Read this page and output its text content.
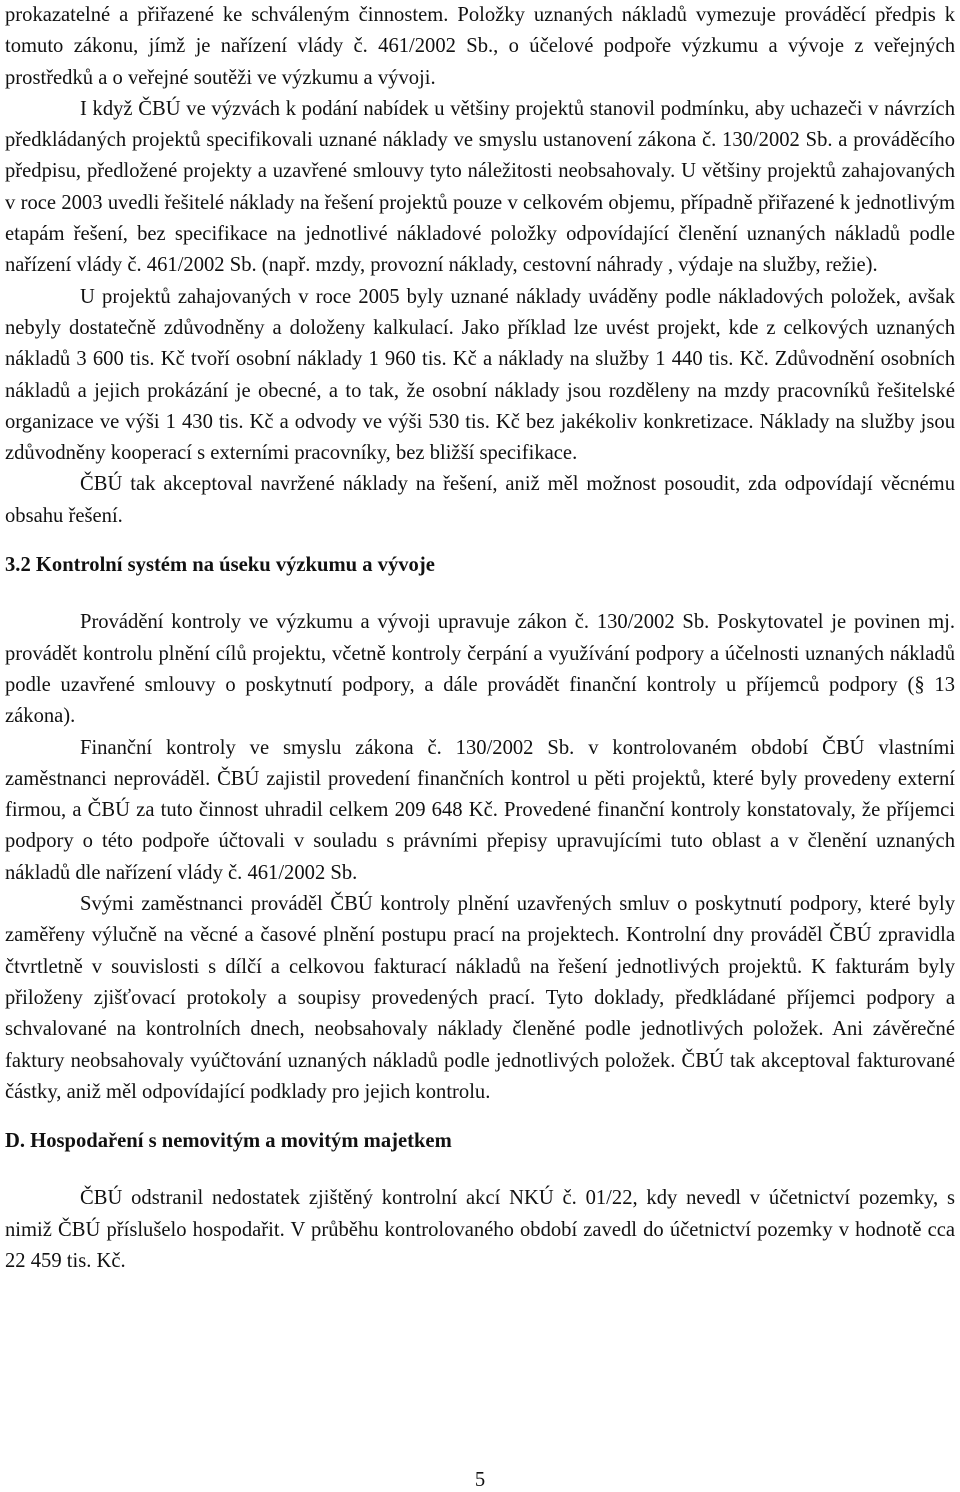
prokazatelné a přiřazené ke schváleným činnostem. Položky uznaných nákladů vymezuje prováděcí předpis k tomuto zákonu, jímž je nařízení vlády č. 461/2002 Sb., o účelové podpoře výzkumu a vývoje z veřejných prostředků a o veřejné soutěži ve výzkumu a vývoji.

I když ČBÚ ve výzvách k podání nabídek u většiny projektů stanovil podmínku, aby uchazeči v návrzích předkládaných projektů specifikovali uznané náklady ve smyslu ustanovení zákona č. 130/2002 Sb. a prováděcího předpisu, předložené projekty a uzavřené smlouvy tyto náležitosti neobsahovaly. U většiny projektů zahajovaných v roce 2003 uvedli řešitelé náklady na řešení projektů pouze v celkovém objemu, případně přiřazené k jednotlivým etapám řešení, bez specifikace na jednotlivé nákladové položky odpovídající členění uznaných nákladů podle nařízení vlády č. 461/2002 Sb. (např. mzdy, provozní náklady, cestovní náhrady , výdaje na služby, režie).

U projektů zahajovaných v roce 2005 byly uznané náklady uváděny podle nákladových položek, avšak nebyly dostatečně zdůvodněny a doloženy kalkulací. Jako příklad lze uvést projekt, kde z celkových uznaných nákladů 3 600 tis. Kč tvoří osobní náklady 1 960 tis. Kč a náklady na služby 1 440 tis. Kč. Zdůvodnění osobních nákladů a jejich prokázání je obecné, a to tak, že osobní náklady jsou rozděleny na mzdy pracovníků řešitelské organizace ve výši 1 430 tis. Kč a odvody ve výši 530 tis. Kč bez jakékoliv konkretizace. Náklady na služby jsou zdůvodněny kooperací s externími pracovníky, bez bližší specifikace.

ČBÚ tak akceptoval navržené náklady na řešení, aniž měl možnost posoudit, zda odpovídají věcnému obsahu řešení.

3.2 Kontrolní systém na úseku výzkumu a vývoje

Provádění kontroly ve výzkumu a vývoji upravuje zákon č. 130/2002 Sb. Poskytovatel je povinen mj. provádět kontrolu plnění cílů projektu, včetně kontroly čerpání a využívání podpory a účelnosti uznaných nákladů podle uzavřené smlouvy o poskytnutí podpory, a dále provádět finanční kontroly u příjemců podpory (§ 13 zákona).

Finanční kontroly ve smyslu zákona č. 130/2002 Sb. v kontrolovaném období ČBÚ vlastními zaměstnanci neprováděl. ČBÚ zajistil provedení finančních kontrol u pěti projektů, které byly provedeny externí firmou, a ČBÚ za tuto činnost uhradil celkem 209 648 Kč. Provedené finanční kontroly konstatovaly, že příjemci podpory o této podpoře účtovali v souladu s právními přepisy upravujícími tuto oblast a v členění uznaných nákladů dle nařízení vlády č. 461/2002 Sb.

Svými zaměstnanci prováděl ČBÚ kontroly plnění uzavřených smluv o poskytnutí podpory, které byly zaměřeny výlučně na věcné a časové plnění postupu prací na projektech. Kontrolní dny prováděl ČBÚ zpravidla čtvrtletně v souvislosti s dílčí a celkovou fakturací nákladů na řešení jednotlivých projektů. K fakturám byly přiloženy zjišťovací protokoly a soupisy provedených prací. Tyto doklady, předkládané příjemci podpory a schvalované na kontrolních dnech, neobsahovaly náklady členěné podle jednotlivých položek. Ani závěrečné faktury neobsahovaly vyúčtování uznaných nákladů podle jednotlivých položek. ČBÚ tak akceptoval fakturované částky, aniž měl odpovídající podklady pro jejich kontrolu.

D. Hospodaření s nemovitým a movitým majetkem

ČBÚ odstranil nedostatek zjištěný kontrolní akcí NKÚ č. 01/22, kdy nevedl v účetnictví pozemky, s nimiž ČBÚ příslušelo hospodařit. V průběhu kontrolovaného období zavedl do účetnictví pozemky v hodnotě cca 22 459 tis. Kč.

5
